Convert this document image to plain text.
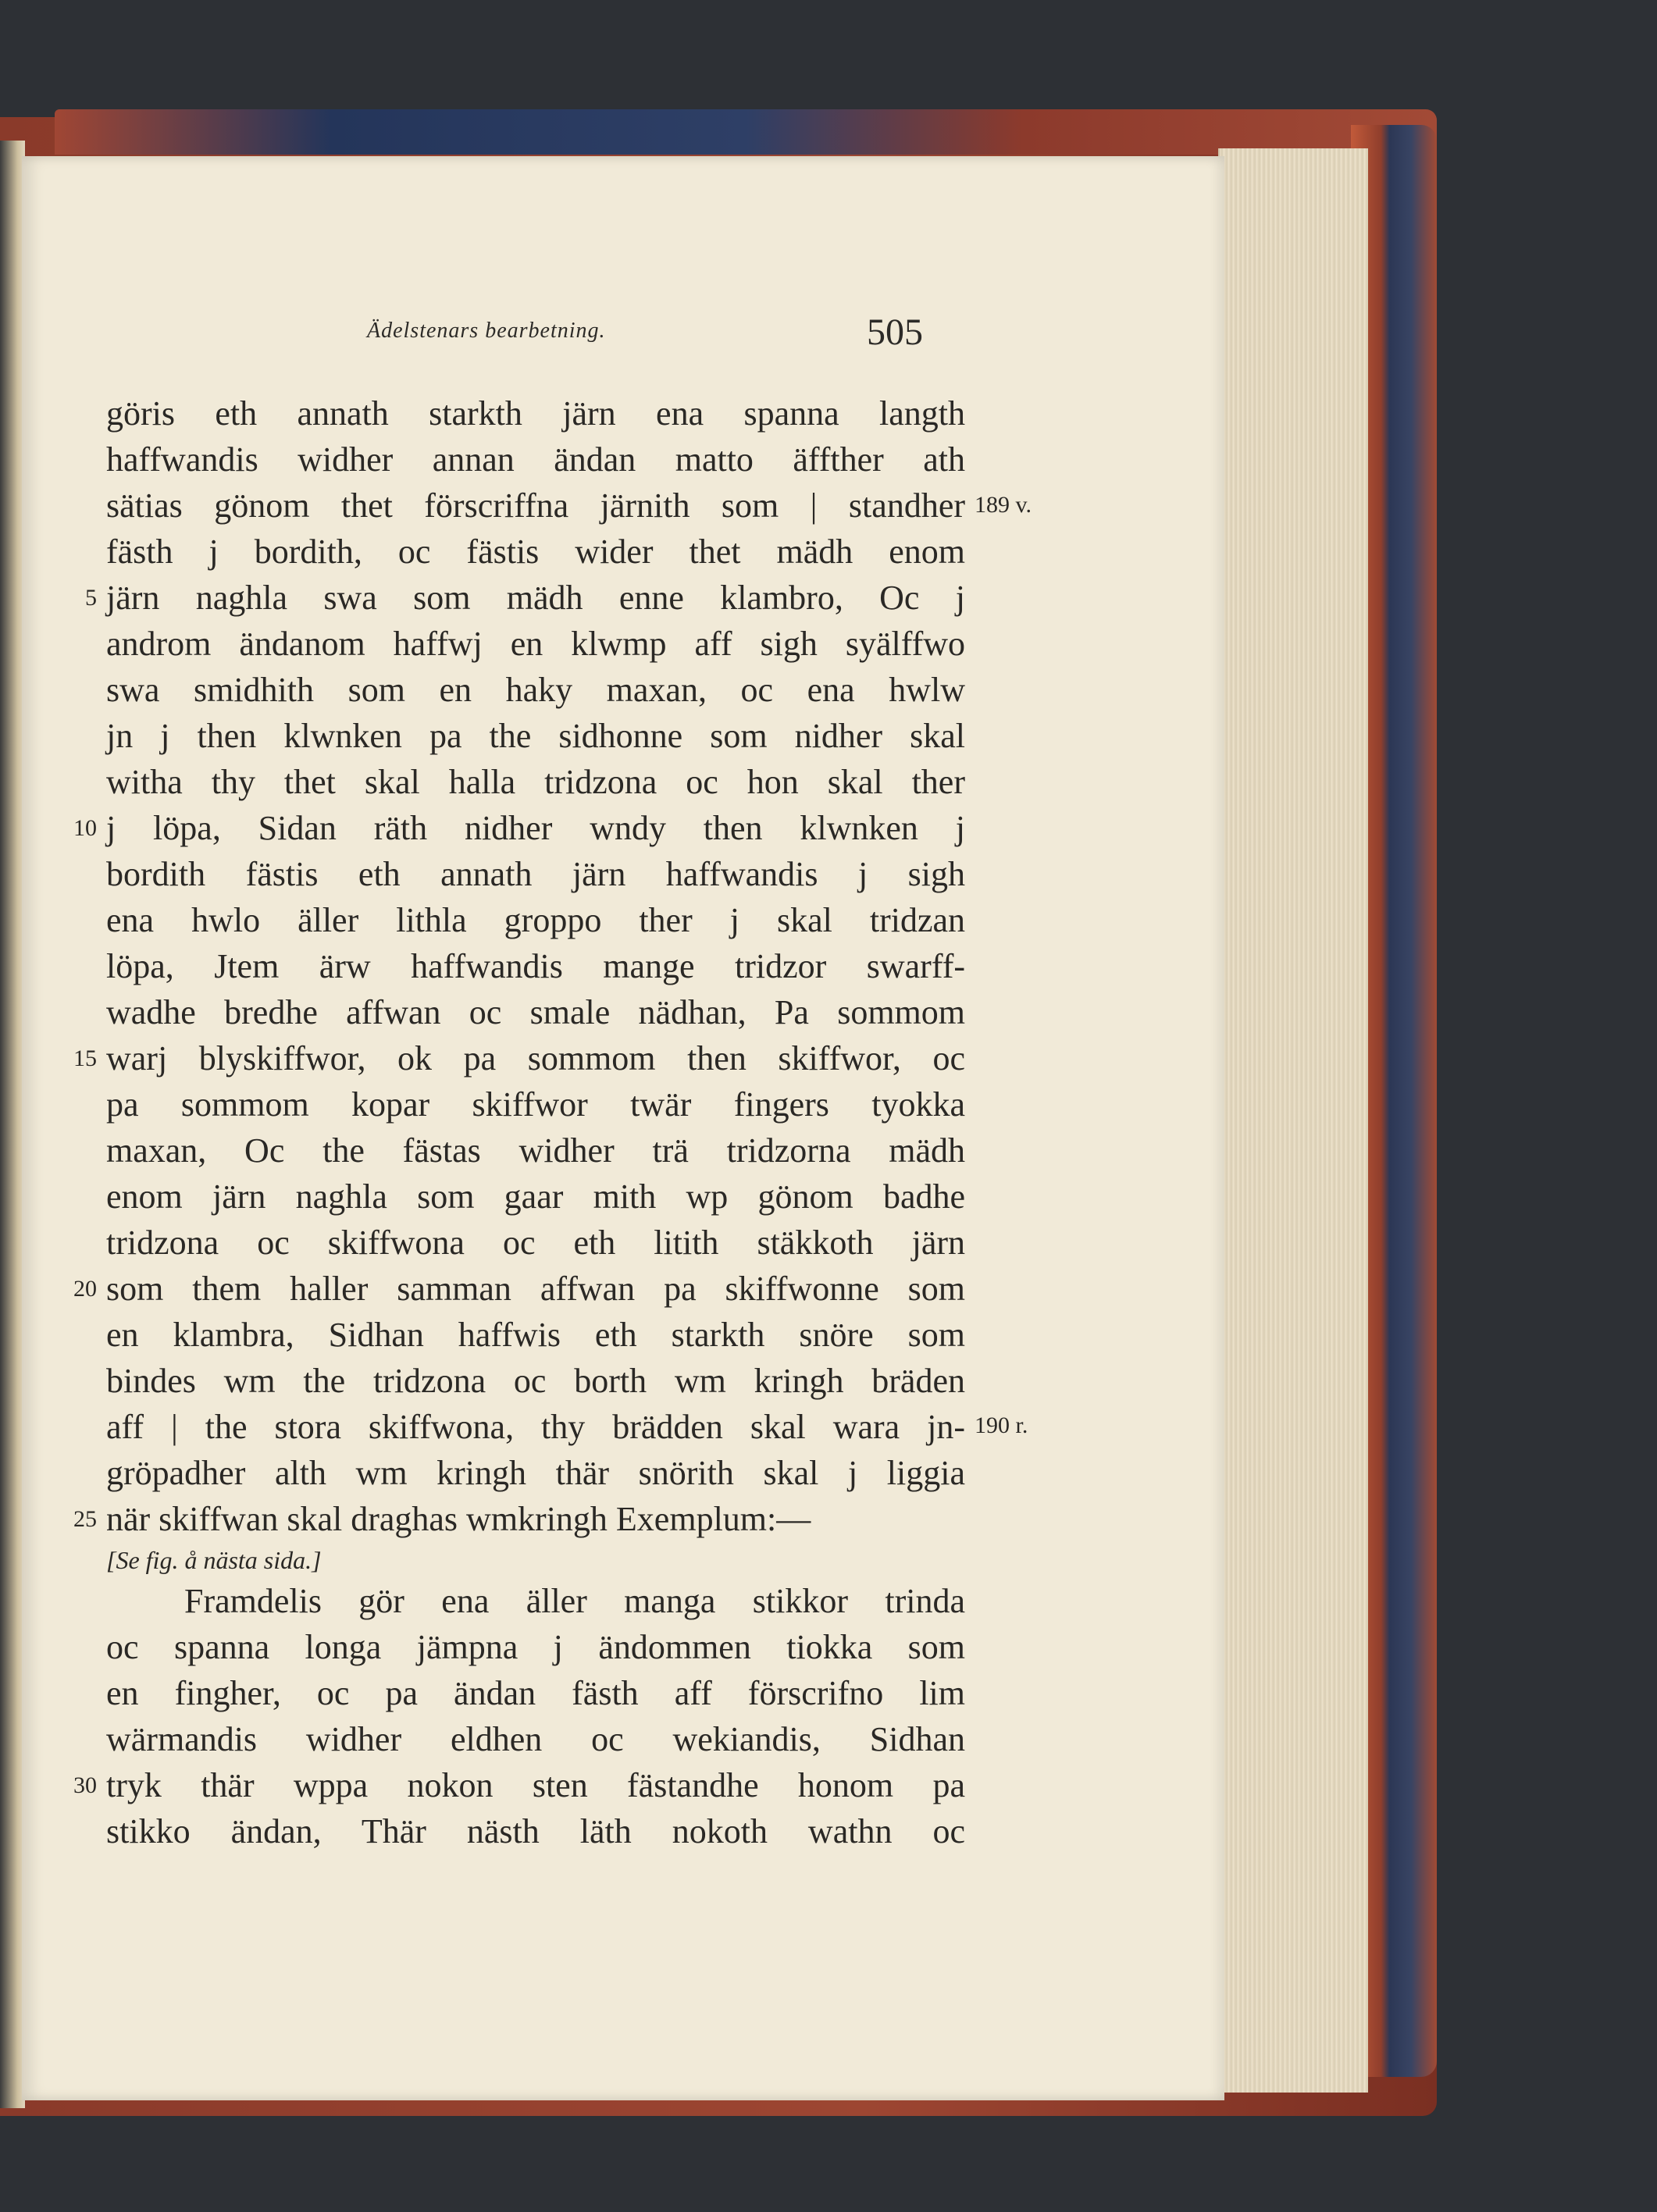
Ädelstenars bearbetning.	505
göris eth annath starkth järn ena spanna langth
haffwandis widher annan ändan matto äffther ath
sätias gönom thet förscriffna järnith som | standher
fästh j bordith, oc fästis wider thet mädh enom
5 järn naghla swa som mädh enne klambro, Oc j
androm ändanom haffwj en klwmp aff sigh syälffwo
swa smidhith som en haky maxan, oc ena hwlw
jn j then klwnken pa the sidhonne som nidher skal
witha thy thet skal halla tridzona oc hon skal ther
10 j löpa, Sidan räth nidher wndy then klwnken j
bordith fästis eth annath järn haffwandis j sigh
ena hwlo äller lithla groppo ther j skal tridzan
löpa, Jtem ärw haffwandis mange tridzor swarff-
wadhe bredhe affwan oc smale nädhan, Pa sommom
15 warj blyskiffwor, ok pa sommom then skiffwor, oc
pa sommom kopar skiffwor twär fingers tyokka
maxan, Oc the fästas widher trä tridzorna mädh
enom järn naghla som gaar mith wp gönom badhe
tridzona oc skiffwona oc eth litith stäkkoth järn
20 som them haller samman affwan pa skiffwonne som
en klambra, Sidhan haffwis eth starkth snöre som
bindes wm the tridzona oc borth wm kringh bräden
aff | the stora skiffwona, thy brädden skal wara jn-
gröpadher alth wm kringh thär snörith skal j liggia
25 när skiffwan skal draghas wmkringh Exemplum:—
[Se fig. å nästa sida.]
Framdelis gör ena äller manga stikkor trinda
oc spanna longa jämpna j ändommen tiokka som
en fingher, oc pa ändan fästh aff förscrifno lim
wärmandis widher eldhen oc wekiandis, Sidhan
30 tryk thär wppa nokon sten fästandhe honom pa
stikko ändan, Thär nästh läth nokoth wathn oc
189 v.
190 r.
